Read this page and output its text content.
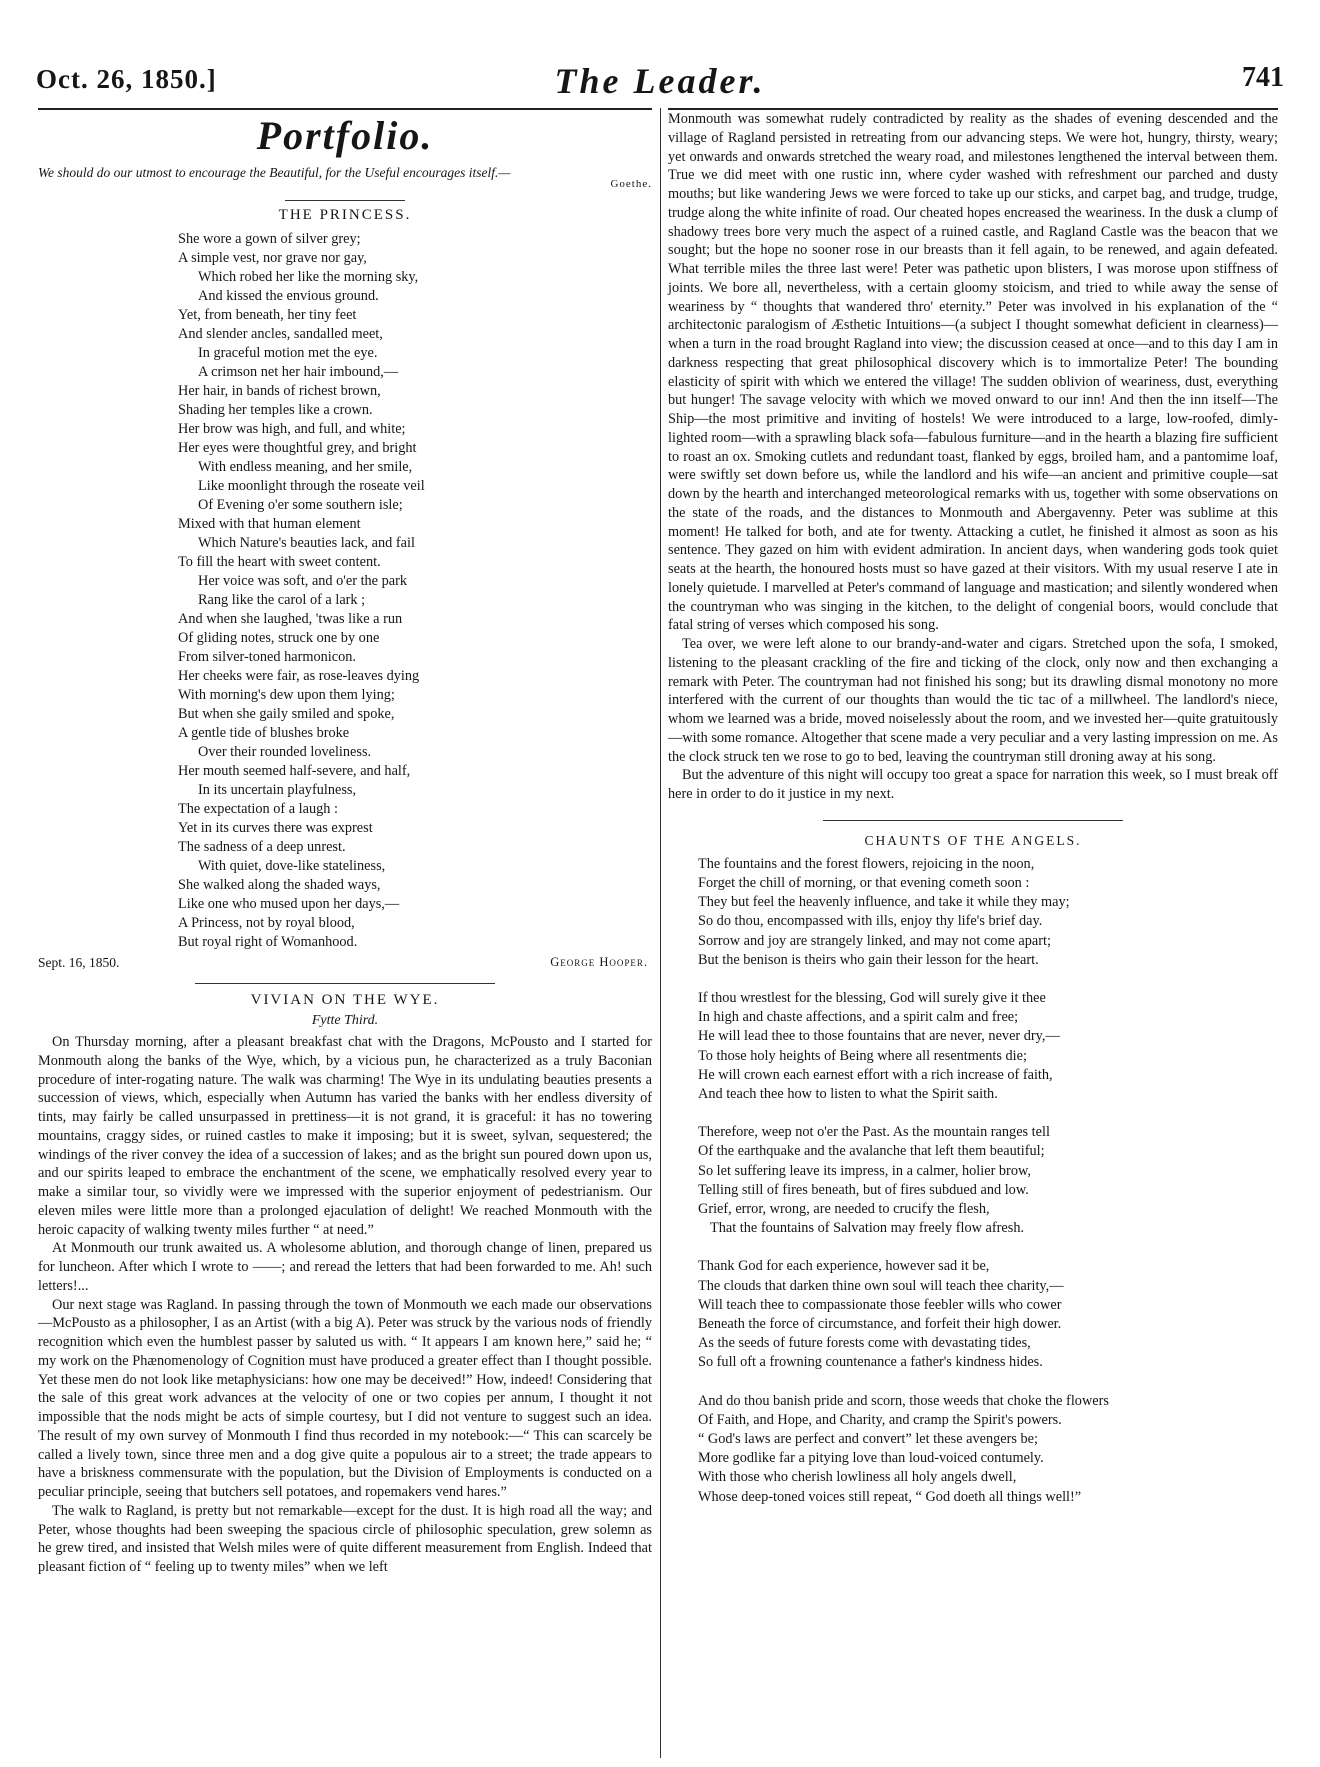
Oct. 26, 1850.]	The Leader.	741
Portfolio.
We should do our utmost to encourage the Beautiful, for the Useful encourages itself.—
Goethe.
THE PRINCESS.
She wore a gown of silver grey;
A simple vest, nor grave nor gay,
Which robed her like the morning sky,
And kissed the envious ground.
Yet, from beneath, her tiny feet
And slender ancles, sandalled meet,
In graceful motion met the eye.
A crimson net her hair imbound,—
Her hair, in bands of richest brown,
Shading her temples like a crown.
Her brow was high, and full, and white;
Her eyes were thoughtful grey, and bright
With endless meaning, and her smile,
Like moonlight through the roseate veil
Of Evening o'er some southern isle;
Mixed with that human element
Which Nature's beauties lack, and fail
To fill the heart with sweet content.
Her voice was soft, and o'er the park
Rang like the carol of a lark ;
And when she laughed, 'twas like a run
Of gliding notes, struck one by one
From silver-toned harmonicon.
Her cheeks were fair, as rose-leaves dying
With morning's dew upon them lying;
But when she gaily smiled and spoke,
A gentle tide of blushes broke
Over their rounded loveliness.
Her mouth seemed half-severe, and half,
In its uncertain playfulness,
The expectation of a laugh :
Yet in its curves there was exprest
The sadness of a deep unrest.
With quiet, dove-like stateliness,
She walked along the shaded ways,
Like one who mused upon her days,—
A Princess, not by royal blood,
But royal right of Womanhood.
Sept. 16, 1850.	George Hooper.
VIVIAN ON THE WYE.
Fytte Third.

On Thursday morning, after a pleasant breakfast chat with the Dragons, McPousto and I started for Monmouth along the banks of the Wye, which, by a vicious pun, he characterized as a truly Baconian procedure of inter-rogating nature. The walk was charming! The Wye in its undulating beauties presents a succession of views, which, especially when Autumn has varied the banks with her endless diversity of tints, may fairly be called unsurpassed in prettiness—it is not grand, it is graceful: it has no towering mountains, craggy sides, or ruined castles to make it imposing; but it is sweet, sylvan, sequestered; the windings of the river convey the idea of a succession of lakes; and as the bright sun poured down upon us, and our spirits leaped to embrace the enchantment of the scene, we emphatically resolved every year to make a similar tour, so vividly were we impressed with the superior enjoyment of pedestrianism. Our eleven miles were little more than a prolonged ejaculation of delight! We reached Monmouth with the heroic capacity of walking twenty miles further “ at need.”

At Monmouth our trunk awaited us. A wholesome ablution, and thorough change of linen, prepared us for luncheon. After which I wrote to ——; and reread the letters that had been forwarded to me. Ah! such letters!...

Our next stage was Ragland. In passing through the town of Monmouth we each made our observations—McPousto as a philosopher, I as an Artist (with a big A). Peter was struck by the various nods of friendly recognition which even the humblest passer by saluted us with. “ It appears I am known here,” said he; “ my work on the Phænomenology of Cognition must have produced a greater effect than I thought possible. Yet these men do not look like metaphysicians: how one may be deceived!” How, indeed! Considering that the sale of this great work advances at the velocity of one or two copies per annum, I thought it not impossible that the nods might be acts of simple courtesy, but I did not venture to suggest such an idea. The result of my own survey of Monmouth I find thus recorded in my notebook:—“ This can scarcely be called a lively town, since three men and a dog give quite a populous air to a street; the trade appears to have a briskness commensurate with the population, but the Division of Employments is conducted on a peculiar principle, seeing that butchers sell potatoes, and ropemakers vend hares.”

The walk to Ragland, is pretty but not remarkable—except for the dust. It is high road all the way; and Peter, whose thoughts had been sweeping the spacious circle of philosophic speculation, grew solemn as he grew tired, and insisted that Welsh miles were of quite different measurement from English. Indeed that pleasant fiction of “ feeling up to twenty miles” when we left

Monmouth was somewhat rudely contradicted by reality as the shades of evening descended and the village of Ragland persisted in retreating from our advancing steps. We were hot, hungry, thirsty, weary; yet onwards and onwards stretched the weary road, and milestones lengthened the interval between them. True we did meet with one rustic inn, where cyder washed with refreshment our parched and dusty mouths; but like wandering Jews we were forced to take up our sticks, and carpet bag, and trudge, trudge, trudge along the white infinite of road. Our cheated hopes encreased the weariness. In the dusk a clump of shadowy trees bore very much the aspect of a ruined castle, and Ragland Castle was the beacon that we sought; but the hope no sooner rose in our breasts than it fell again, to be renewed, and again defeated. What terrible miles the three last were! Peter was pathetic upon blisters, I was morose upon stiffness of joints. We bore all, nevertheless, with a certain gloomy stoicism, and tried to while away the sense of weariness by “ thoughts that wandered thro' eternity.” Peter was involved in his explanation of the “ architectonic paralogism of Æsthetic Intuitions—(a subject I thought somewhat deficient in clearness)—when a turn in the road brought Ragland into view; the discussion ceased at once—and to this day I am in darkness respecting that great philosophical discovery which is to immortalize Peter! The bounding elasticity of spirit with which we entered the village! The sudden oblivion of weariness, dust, everything but hunger! The savage velocity with which we moved onward to our inn! And then the inn itself—The Ship—the most primitive and inviting of hostels! We were introduced to a large, low-roofed, dimly-lighted room—with a sprawling black sofa—fabulous furniture—and in the hearth a blazing fire sufficient to roast an ox. Smoking cutlets and redundant toast, flanked by eggs, broiled ham, and a pantomime loaf, were swiftly set down before us, while the landlord and his wife—an ancient and primitive couple—sat down by the hearth and interchanged meteorological remarks with us, together with some observations on the state of the roads, and the distances to Monmouth and Abergavenny. Peter was sublime at this moment! He talked for both, and ate for twenty. Attacking a cutlet, he finished it almost as soon as his sentence. They gazed on him with evident admiration. In ancient days, when wandering gods took quiet seats at the hearth, the honoured hosts must so have gazed at their visitors. With my usual reserve I ate in lonely quietude. I marvelled at Peter's command of language and mastication; and silently wondered when the countryman who was singing in the kitchen, to the delight of congenial boors, would conclude that fatal string of verses which composed his song.

Tea over, we were left alone to our brandy-and-water and cigars. Stretched upon the sofa, I smoked, listening to the pleasant crackling of the fire and ticking of the clock, only now and then exchanging a remark with Peter. The countryman had not finished his song; but its drawling dismal monotony no more interfered with the current of our thoughts than would the tic tac of a millwheel. The landlord's niece, whom we learned was a bride, moved noiselessly about the room, and we invested her—quite gratuitously—with some romance. Altogether that scene made a very peculiar and a very lasting impression on me. As the clock struck ten we rose to go to bed, leaving the countryman still droning away at his song.

But the adventure of this night will occupy too great a space for narration this week, so I must break off here in order to do it justice in my next.

CHAUNTS OF THE ANGELS.
The fountains and the forest flowers, rejoicing in the noon,
Forget the chill of morning, or that evening cometh soon :
They but feel the heavenly influence, and take it while they may;
So do thou, encompassed with ills, enjoy thy life's brief day.
Sorrow and joy are strangely linked, and may not come apart;
But the benison is theirs who gain their lesson for the heart.
If thou wrestlest for the blessing, God will surely give it thee
In high and chaste affections, and a spirit calm and free;
He will lead thee to those fountains that are never, never dry,—
To those holy heights of Being where all resentments die;
He will crown each earnest effort with a rich increase of faith,
And teach thee how to listen to what the Spirit saith.
Therefore, weep not o'er the Past. As the mountain ranges tell
Of the earthquake and the avalanche that left them beautiful;
So let suffering leave its impress, in a calmer, holier brow,
Telling still of fires beneath, but of fires subdued and low.
Grief, error, wrong, are needed to crucify the flesh,
That the fountains of Salvation may freely flow afresh.
Thank God for each experience, however sad it be,
The clouds that darken thine own soul will teach thee charity,—
Will teach thee to compassionate those feebler wills who cower
Beneath the force of circumstance, and forfeit their high dower.
As the seeds of future forests come with devastating tides,
So full oft a frowning countenance a father's kindness hides.
And do thou banish pride and scorn, those weeds that choke the flowers
Of Faith, and Hope, and Charity, and cramp the Spirit's powers.
“ God's laws are perfect and convert” let these avengers be;
More godlike far a pitying love than loud-voiced contumely.
With those who cherish lowliness all holy angels dwell,
Whose deep-toned voices still repeat, “ God doeth all things well!”
